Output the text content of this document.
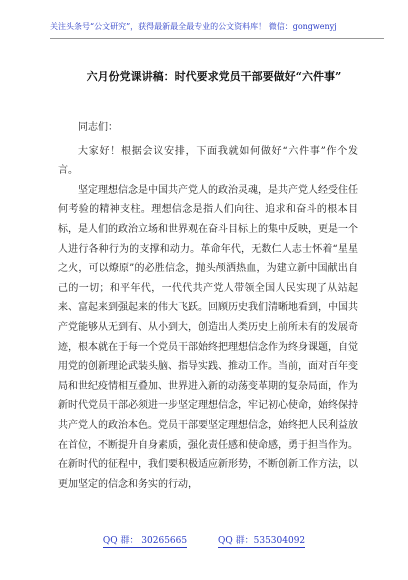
关注头条号“公文研究”，获得最新最全最专业的公文资料库！ 微信：gongwenyj
六月份党课讲稿：时代要求党员干部要做好“六件事”

同志们：

大家好！根据会议安排，下面我就如何做好“六件事”作个发言。

坚定理想信念是中国共产党人的政治灵魂，是共产党人经受住任何考验的精神支柱。理想信念是指人们向往、追求和奋斗的根本目标，是人们的政治立场和世界观在奋斗目标上的集中反映，更是一个人进行各种行为的支撑和动力。革命年代，无数仁人志士怀着“星星之火，可以燎原”的必胜信念，抛头颅洒热血，为建立新中国献出自己的一切；和平年代，一代代共产党人带领全国人民实现了从站起来、富起来到强起来的伟大飞跃。回顾历史我们清晰地看到，中国共产党能够从无到有、从小到大，创造出人类历史上前所未有的发展奇迹，根本就在于每一个党员干部始终把理想信念作为终身课题，自觉用党的创新理论武装头脑、指导实践、推动工作。当前，面对百年变局和世纪疫情相互叠加、世界进入新的动荡变革期的复杂局面，作为新时代党员干部必须进一步坚定理想信念，牢记初心使命，始终保持共产党人的政治本色。党员干部要坚定理想信念，始终把人民利益放在首位，不断提升自身素质，强化责任感和使命感，勇于担当作为。在新时代的征程中，我们要积极适应新形势，不断创新工作方法，以更加坚定的信念和务实的行动，

QQ 群： 30265665	QQ 群：535304092
